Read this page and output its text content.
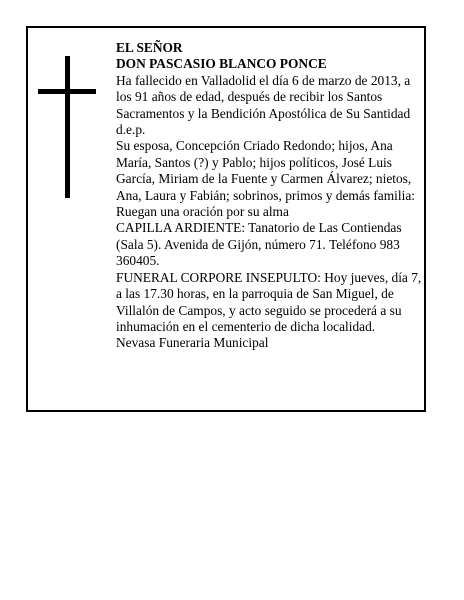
EL SEÑOR

DON PASCASIO BLANCO PONCE

Ha fallecido en Valladolid el día 6 de marzo de 2013, a los 91 años de edad, después de recibir los Santos Sacramentos y la Bendición Apostólica de Su Santidad d.e.p.

Su esposa, Concepción Criado Redondo; hijos, Ana María, Santos (?) y Pablo; hijos políticos, José Luis García, Miriam de la Fuente y Carmen Álvarez; nietos, Ana, Laura y Fabián; sobrinos, primos y demás familia:

Ruegan una oración por su alma

CAPILLA ARDIENTE: Tanatorio de Las Contiendas (Sala 5). Avenida de Gijón, número 71. Teléfono 983 360405.

FUNERAL CORPORE INSEPULTO: Hoy jueves, día 7, a las 17.30 horas, en la parroquia de San Miguel, de Villalón de Campos, y acto seguido se procederá a su inhumación en el cementerio de dicha localidad.

Nevasa Funeraria Municipal
